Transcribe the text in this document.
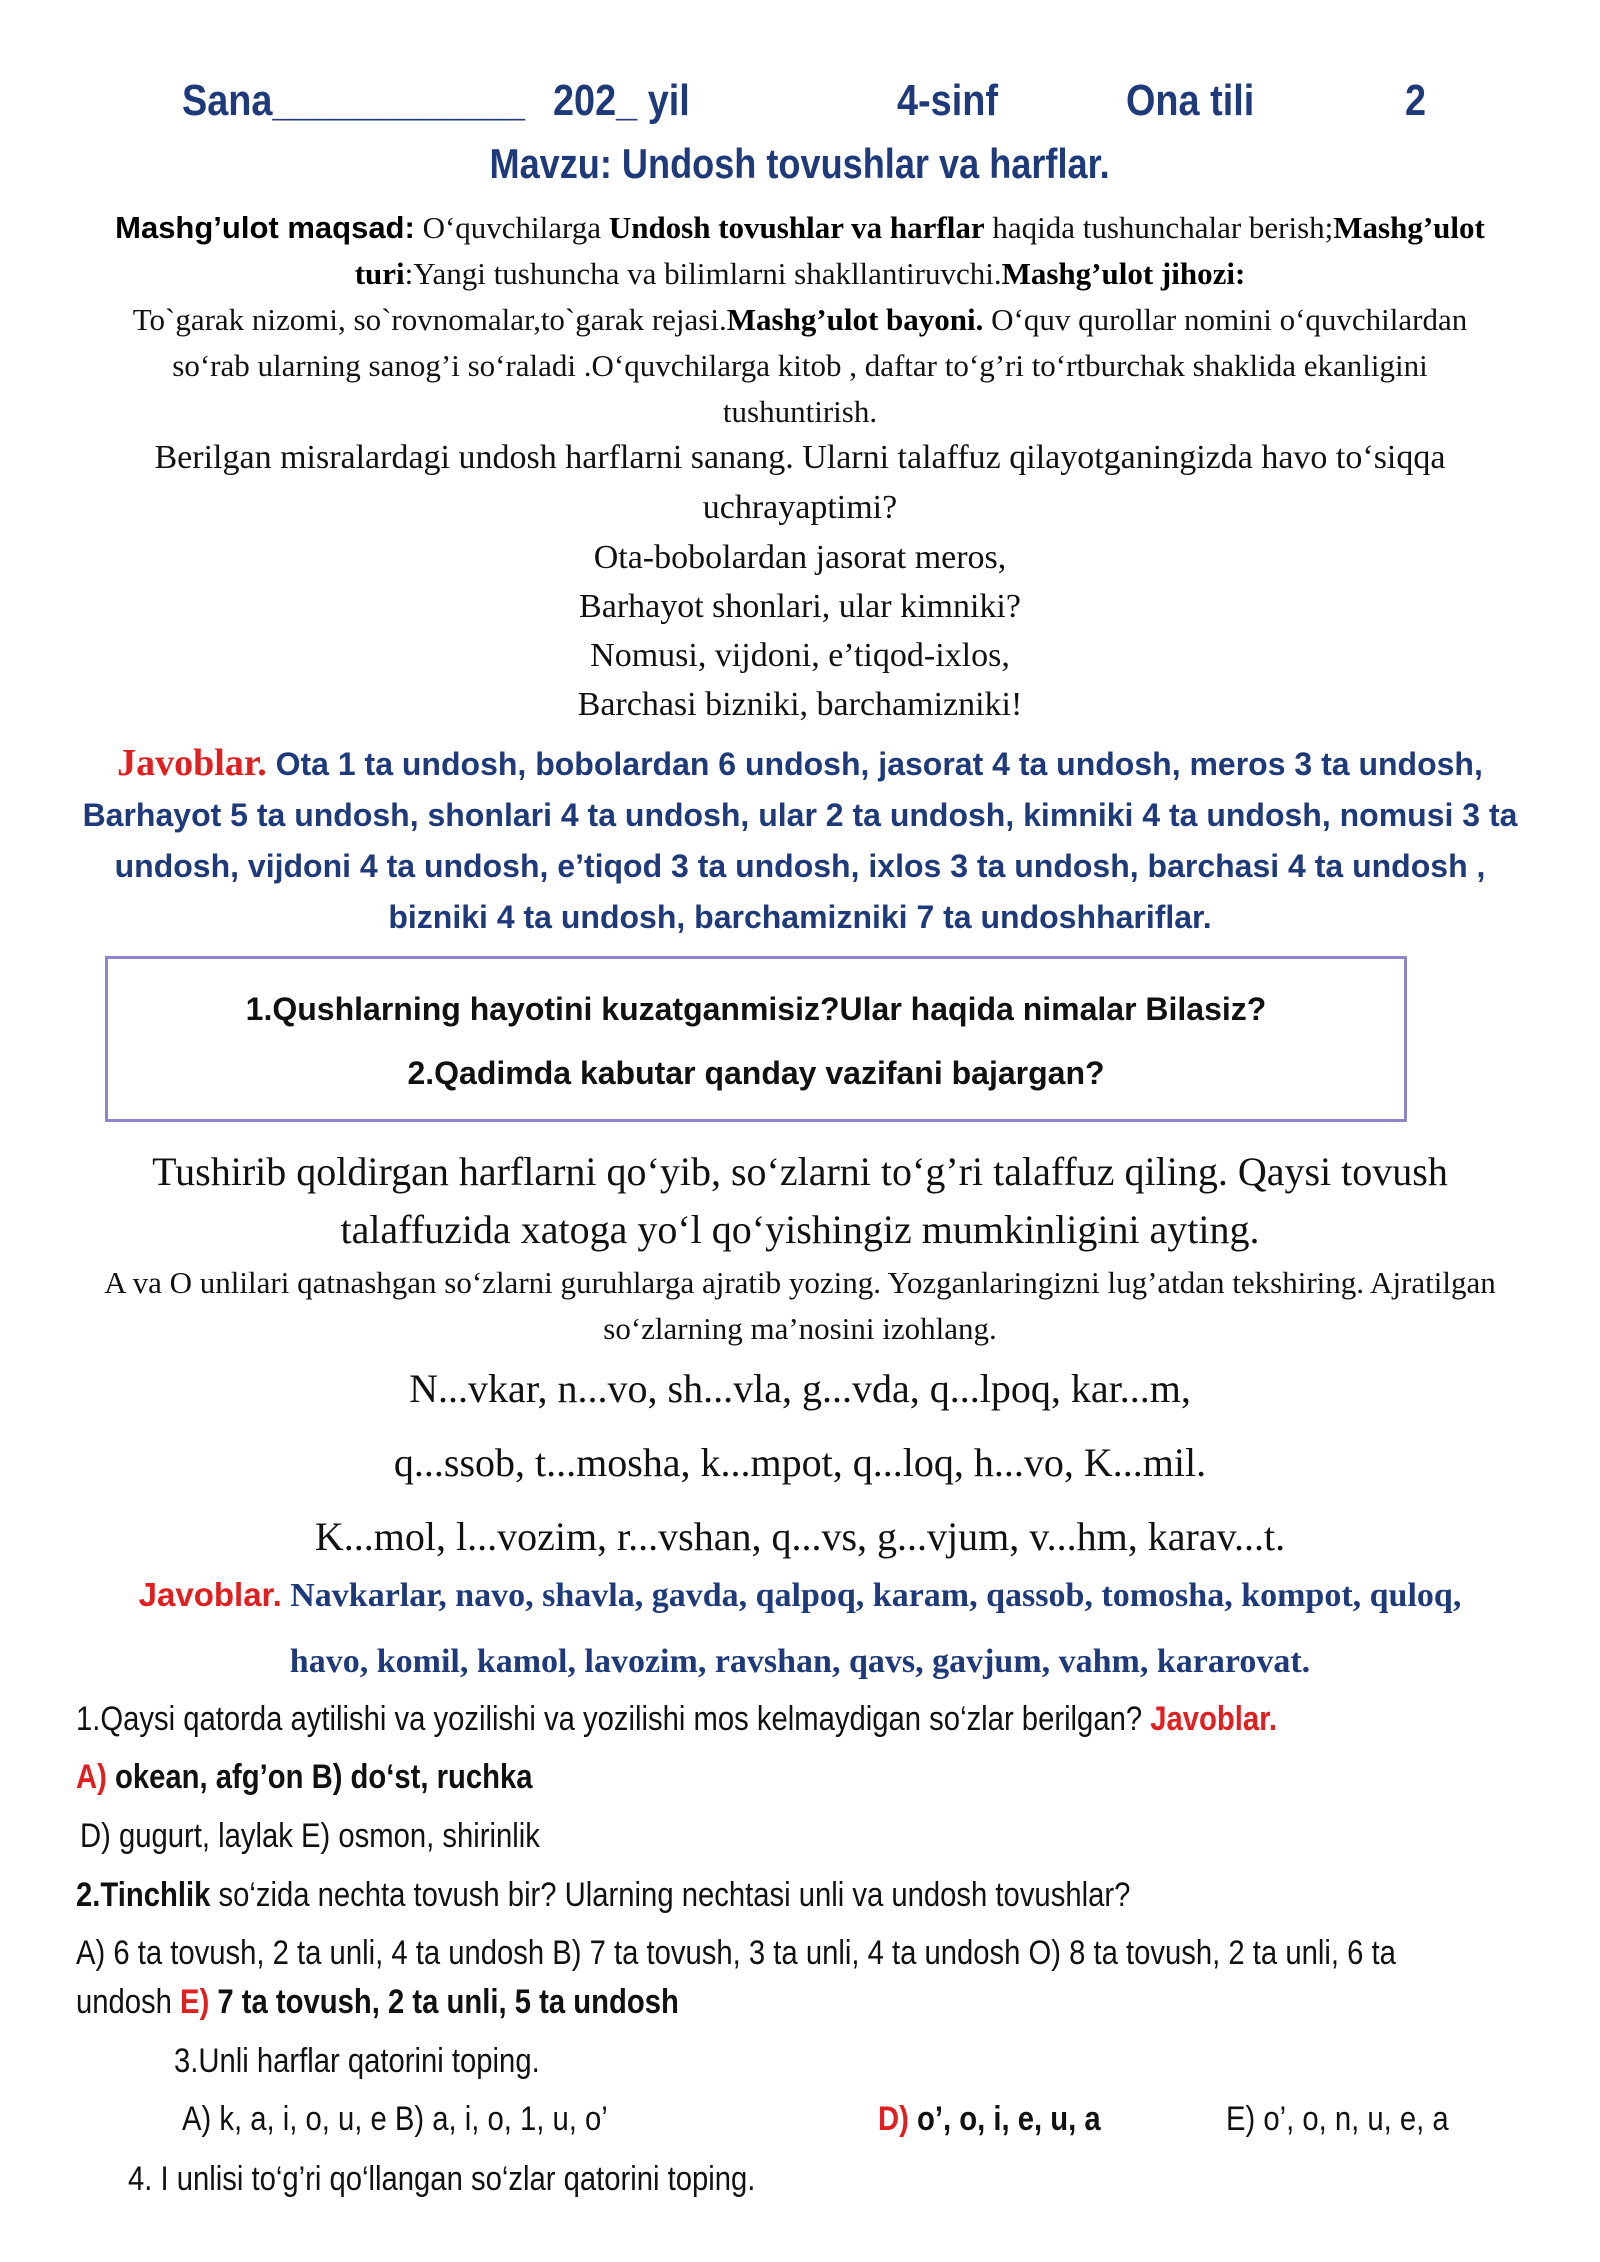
Sana____________ 202_ yil	4-sinf	Ona tili	2
Mavzu: Undosh tovushlar va harflar.
Mashg’ulot maqsad: O‘quvchilarga Undosh tovushlar va harflar haqida tushunchalar berish;Mashg’ulot turi:Yangi tushuncha va bilimlarni shakllantiruvchi.Mashg’ulot jihozi:
To`garak nizomi, so`rovnomalar,to`garak rejasi.Mashg’ulot bayoni. O‘quv qurollar nomini o‘quvchilardan so‘rab ularning sanog’i so‘raladi .O‘quvchilarga kitob , daftar to‘g’ri to‘rtburchak shaklida ekanligini tushuntirish.
Berilgan misralardagi undosh harflarni sanang. Ularni talaffuz qilayotganingizda havo to‘siqqa uchrayaptimi?
Ota-bobolardan jasorat meros,
Barhayot shonlari, ular kimniki?
Nomusi, vijdoni, e’tiqod-ixlos,
Barchasi bizniki, barchamizniki!
Javoblar. Ota 1 ta undosh, bobolardan 6 undosh, jasorat 4 ta undosh, meros 3 ta undosh, Barhayot 5 ta undosh, shonlari 4 ta undosh, ular 2 ta undosh, kimniki 4 ta undosh, nomusi 3 ta undosh, vijdoni 4 ta undosh, e’tiqod 3 ta undosh, ixlos 3 ta undosh, barchasi 4 ta undosh , bizniki 4 ta undosh, barchamizniki 7 ta undoshhariflar.
1.Qushlarning hayotini kuzatganmisiz?Ular haqida nimalar Bilasiz?
2.Qadimda kabutar qanday vazifani bajargan?
Tushirib qoldirgan harflarni qo‘yib, so‘zlarni to‘g’ri talaffuz qiling. Qaysi tovush talaffuzida xatoga yo‘l qo‘yishingiz mumkinligini ayting.
A va O unlilari qatnashgan so‘zlarni guruhlarga ajratib yozing. Yozganlaringizni lug’atdan tekshiring. Ajratilgan so‘zlarning ma’nosini izohlang.
N...vkar, n...vo, sh...vla, g...vda, q...lpoq, kar...m,
q...ssob, t...mosha, k...mpot, q...loq, h...vo, K...mil.
K...mol, l...vozim, r...vshan, q...vs, g...vjum, v...hm, karav...t.
Javoblar. Navkarlar, navo, shavla, gavda, qalpoq, karam, qassob, tomosha, kompot, quloq,
havo, komil, kamol, lavozim, ravshan, qavs, gavjum, vahm, kararovat.
1.Qaysi qatorda aytilishi va yozilishi va yozilishi mos kelmaydigan so‘zlar berilgan? Javoblar.
A) okean, afg’on B) do‘st, ruchka
D) gugurt, laylak E) osmon, shirinlik
2.Tinchlik so‘zida nechta tovush bir? Ularning nechtasi unli va undosh tovushlar?
A) 6 ta tovush, 2 ta unli, 4 ta undosh B) 7 ta tovush, 3 ta unli, 4 ta undosh O) 8 ta tovush, 2 ta unli, 6 ta
undosh E) 7 ta tovush, 2 ta unli, 5 ta undosh
3.Unli harflar qatorini toping.
A) k, a, i, o, u, e B) a, i, o, 1, u, o’	D) o’, o, i, e, u, a	E) o’, o, n, u, e, a
4. I unlisi to‘g’ri qo‘llangan so‘zlar qatorini toping.
